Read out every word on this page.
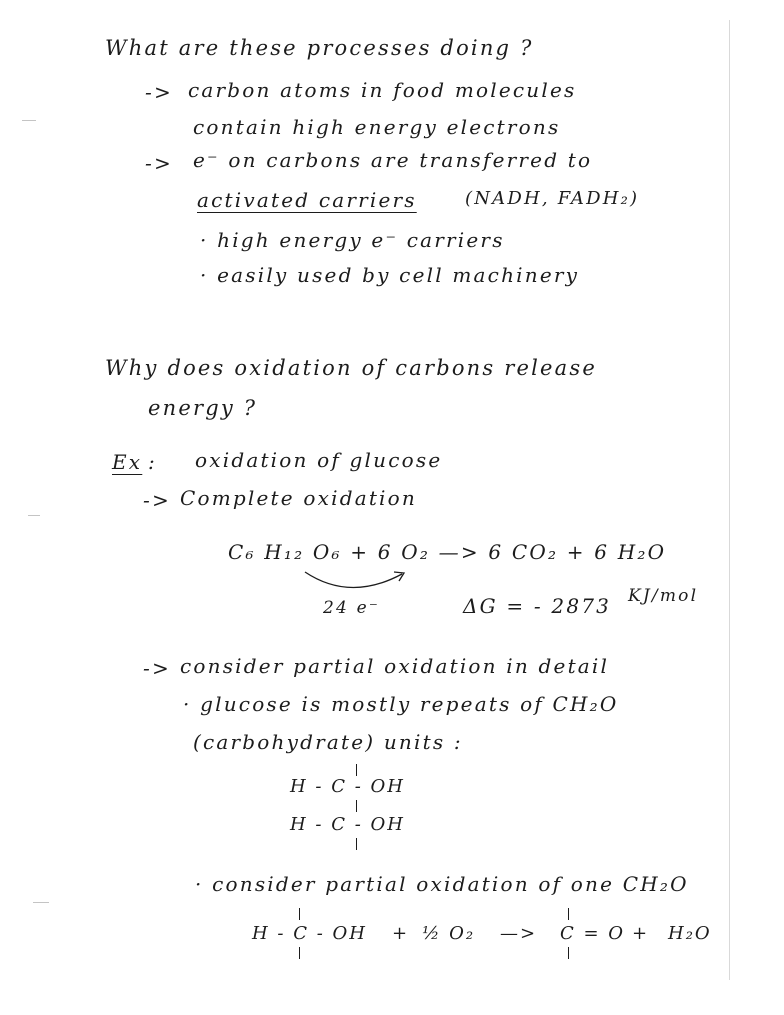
What are these processes doing ?
-> carbon atoms in food molecules
contain high energy electrons
-> e⁻ on carbons are transferred to
activated carriers	(NADH, FADH₂)
· high energy e⁻ carriers
· easily used by cell machinery
Why does oxidation of carbons release
energy ?
Ex : oxidation of glucose
-> Complete oxidation
C₆ H₁₂ O₆ + 6 O₂ —> 6 CO₂ + 6 H₂O
24 e⁻	ΔG = - 2873 KJ/mol
-> consider partial oxidation in detail
· glucose is mostly repeats of CH₂O
(carbohydrate) units :
H - C - OH
H - C - OH
· consider partial oxidation of one CH₂O
H - C - OH + ½ O₂ —> C = O + H₂O
